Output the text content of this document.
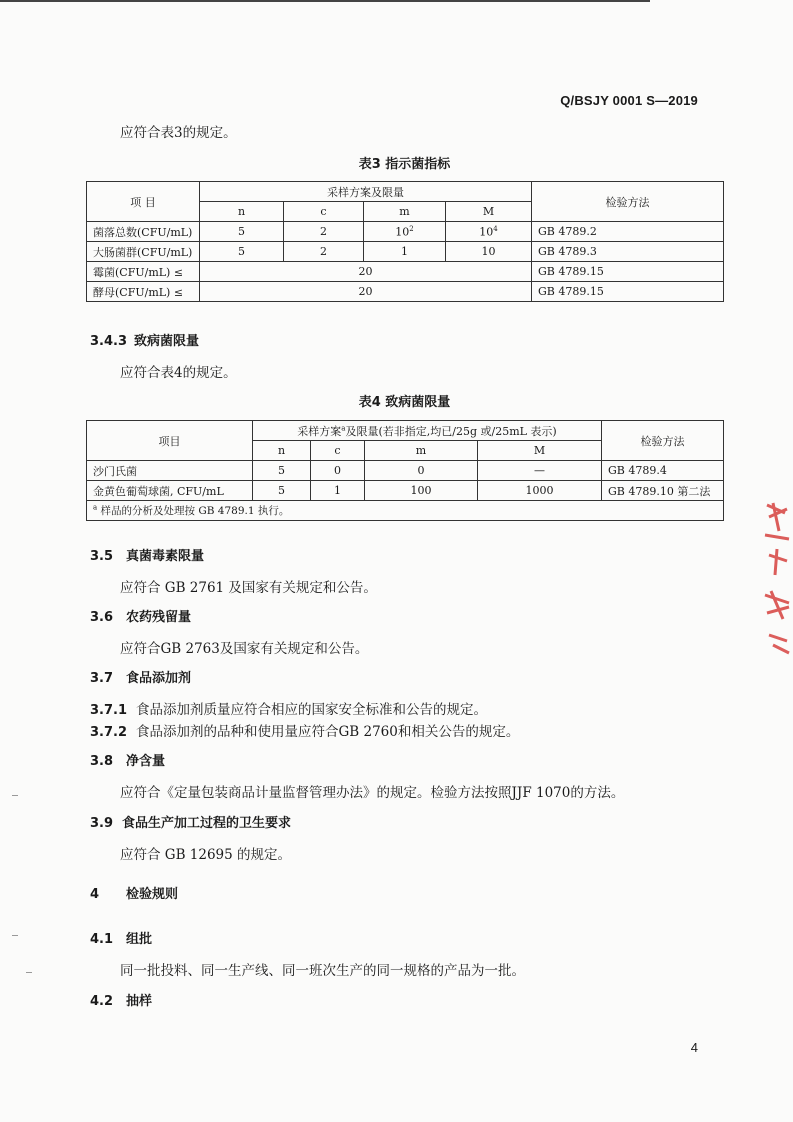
Q/BSJY 0001 S—2019
应符合表3的规定。
表3 指示菌指标
项 目	采样方案及限量				检验方法
	n	c	m	M	
菌落总数(CFU/mL)	5	2	$10^2$	$10^4$	GB 4789.2
大肠菌群(CFU/mL)	5	2	1	10	GB 4789.3
霉菌(CFU/mL) ≤	20				GB 4789.15
酵母(CFU/mL) ≤	20				GB 4789.15
3.4.3 致病菌限量
应符合表4的规定。
表4 致病菌限量
项目	采样方案$^a$及限量(若非指定,均已/25g 或/25mL 表示)				检验方法
	n	c	m	M	
沙门氏菌	5	0	0	—	GB 4789.4
金黄色葡萄球菌, CFU/mL	5	1	100	1000	GB 4789.10 第二法
$^a$ 样品的分析及处理按 GB 4789.1 执行。					
3.5 真菌毒素限量
应符合 GB 2761 及国家有关规定和公告。
3.6 农药残留量
应符合GB 2763及国家有关规定和公告。
3.7 食品添加剂
3.7.1 食品添加剂质量应符合相应的国家安全标准和公告的规定。
3.7.2 食品添加剂的品种和使用量应符合GB 2760和相关公告的规定。
3.8 净含量
应符合《定量包装商品计量监督管理办法》的规定。检验方法按照JJF 1070的方法。
3.9 食品生产加工过程的卫生要求
应符合 GB 12695 的规定。
4 检验规则
4.1 组批
同一批投料、同一生产线、同一班次生产的同一规格的产品为一批。
4.2 抽样
4
